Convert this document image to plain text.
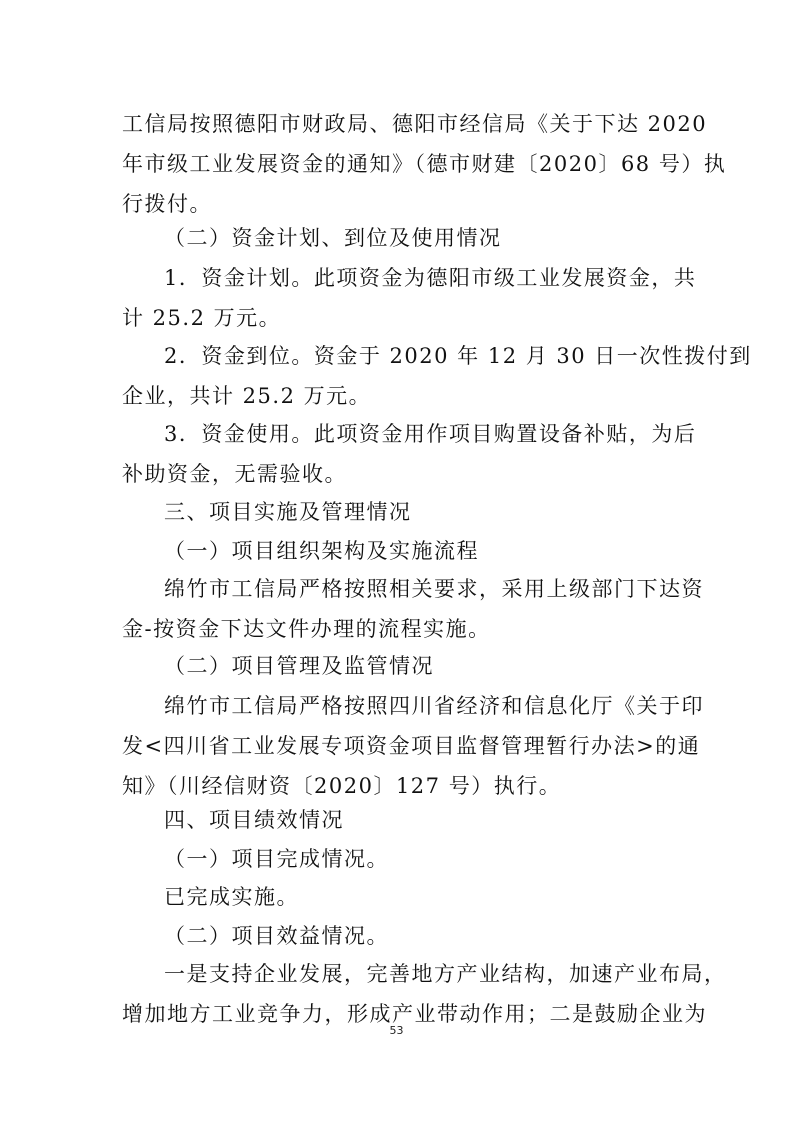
工信局按照德阳市财政局、德阳市经信局《关于下达 2020
年市级工业发展资金的通知》（德市财建〔2020〕68 号）执
行拨付。
（二）资金计划、到位及使用情况
1．资金计划。此项资金为德阳市级工业发展资金，共
计 25.2 万元。
2．资金到位。资金于 2020 年 12 月 30 日一次性拨付到
企业，共计 25.2 万元。
3．资金使用。此项资金用作项目购置设备补贴，为后
补助资金，无需验收。
三、项目实施及管理情况
（一）项目组织架构及实施流程
绵竹市工信局严格按照相关要求，采用上级部门下达资
金-按资金下达文件办理的流程实施。
（二）项目管理及监管情况
绵竹市工信局严格按照四川省经济和信息化厅《关于印
发<四川省工业发展专项资金项目监督管理暂行办法>的通
知》（川经信财资〔2020〕127 号）执行。
四、项目绩效情况
（一）项目完成情况。
已完成实施。
（二）项目效益情况。
一是支持企业发展，完善地方产业结构，加速产业布局，
增加地方工业竞争力，形成产业带动作用；二是鼓励企业为
53
